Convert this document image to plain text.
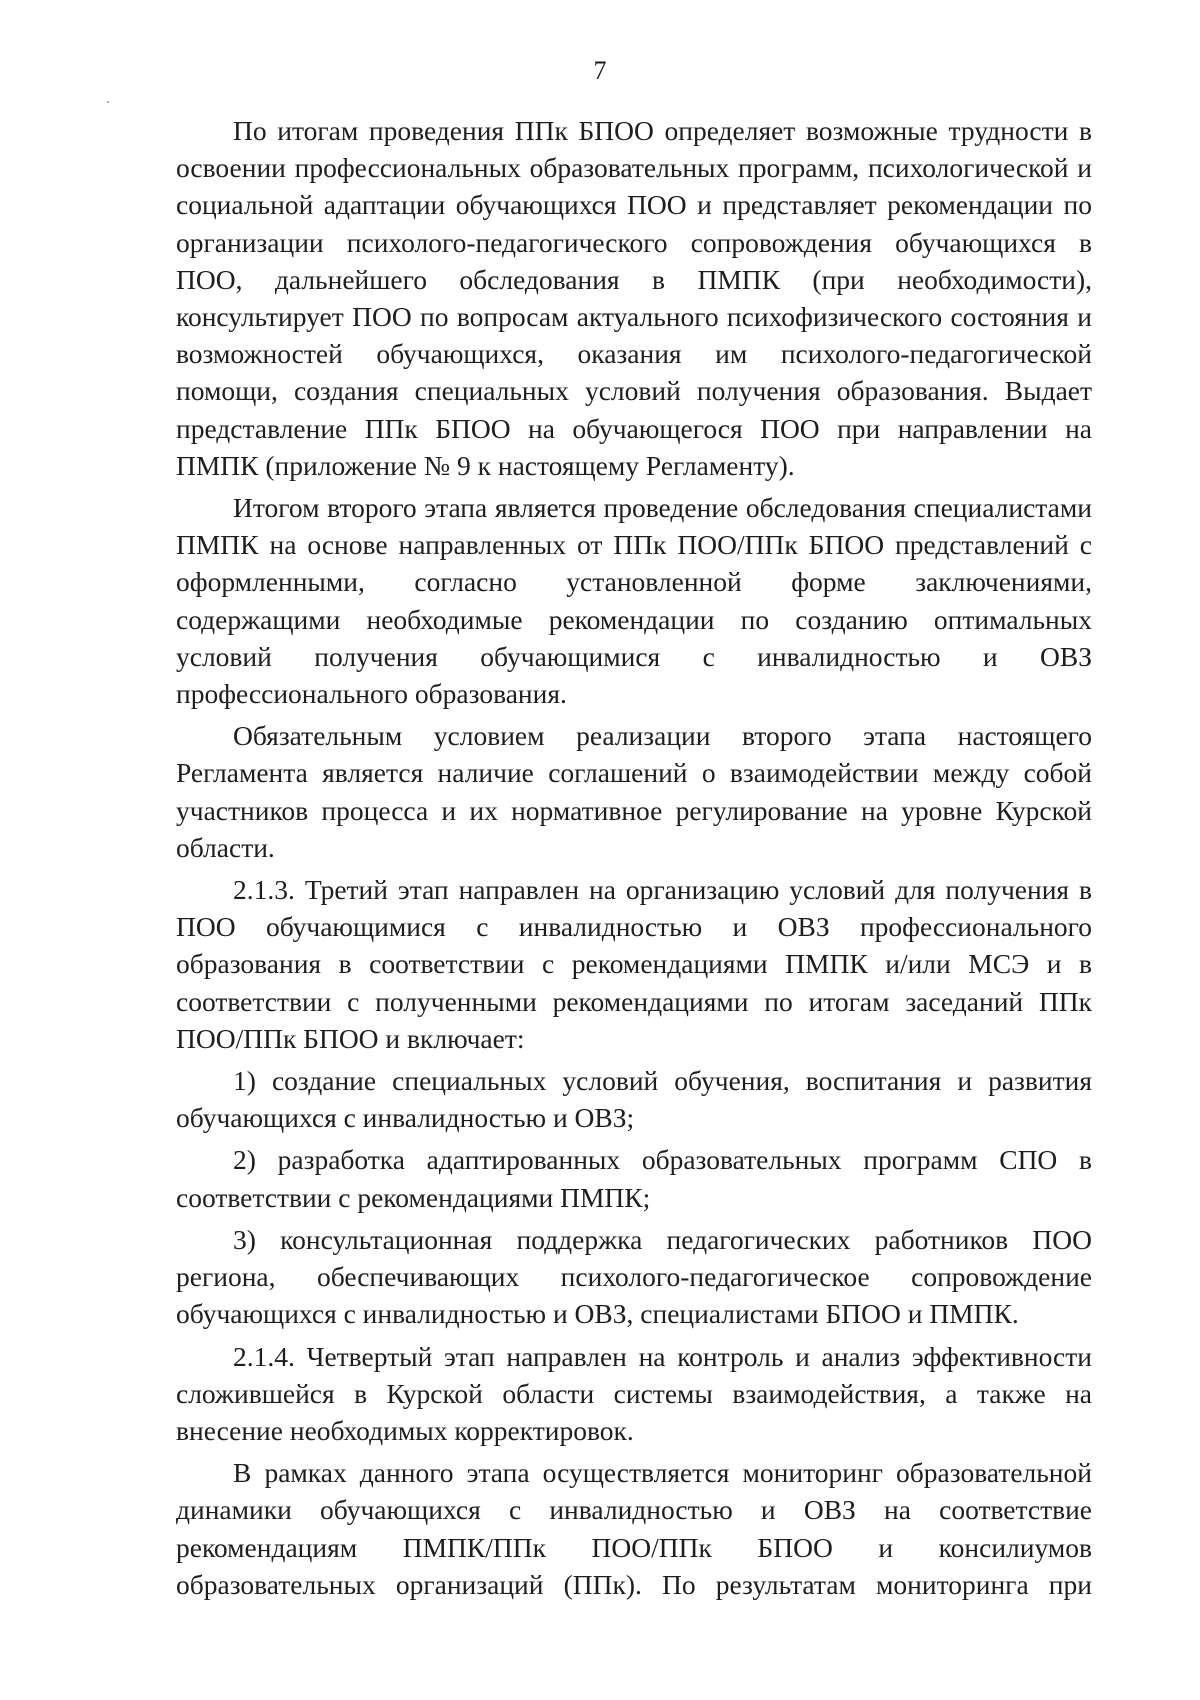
7

По итогам проведения ППк БПОО определяет возможные трудности в освоении профессиональных образовательных программ, психологической и социальной адаптации обучающихся ПОО и представляет рекомендации по организации психолого-педагогического сопровождения обучающихся в ПОО, дальнейшего обследования в ПМПК (при необходимости), консультирует ПОО по вопросам актуального психофизического состояния и возможностей обучающихся, оказания им психолого-педагогической помощи, создания специальных условий получения образования. Выдает представление ППк БПОО на обучающегося ПОО при направлении на ПМПК (приложение № 9 к настоящему Регламенту).

Итогом второго этапа является проведение обследования специалистами ПМПК на основе направленных от ППк ПОО/ППк БПОО представлений с оформленными, согласно установленной форме заключениями, содержащими необходимые рекомендации по созданию оптимальных условий получения обучающимися с инвалидностью и ОВЗ профессионального образования.

Обязательным условием реализации второго этапа настоящего Регламента является наличие соглашений о взаимодействии между собой участников процесса и их нормативное регулирование на уровне Курской области.

2.1.3. Третий этап направлен на организацию условий для получения в ПОО обучающимися с инвалидностью и ОВЗ профессионального образования в соответствии с рекомендациями ПМПК и/или МСЭ и в соответствии с полученными рекомендациями по итогам заседаний ППк ПОО/ППк БПОО и включает:

1) создание специальных условий обучения, воспитания и развития обучающихся с инвалидностью и ОВЗ;

2) разработка адаптированных образовательных программ СПО в соответствии с рекомендациями ПМПК;

3) консультационная поддержка педагогических работников ПОО региона, обеспечивающих психолого-педагогическое сопровождение обучающихся с инвалидностью и ОВЗ, специалистами БПОО и ПМПК.

2.1.4. Четвертый этап направлен на контроль и анализ эффективности сложившейся в Курской области системы взаимодействия, а также на внесение необходимых корректировок.

В рамках данного этапа осуществляется мониторинг образовательной динамики обучающихся с инвалидностью и ОВЗ на соответствие рекомендациям ПМПК/ППк ПОО/ППк БПОО и консилиумов образовательных организаций (ППк). По результатам мониторинга при
